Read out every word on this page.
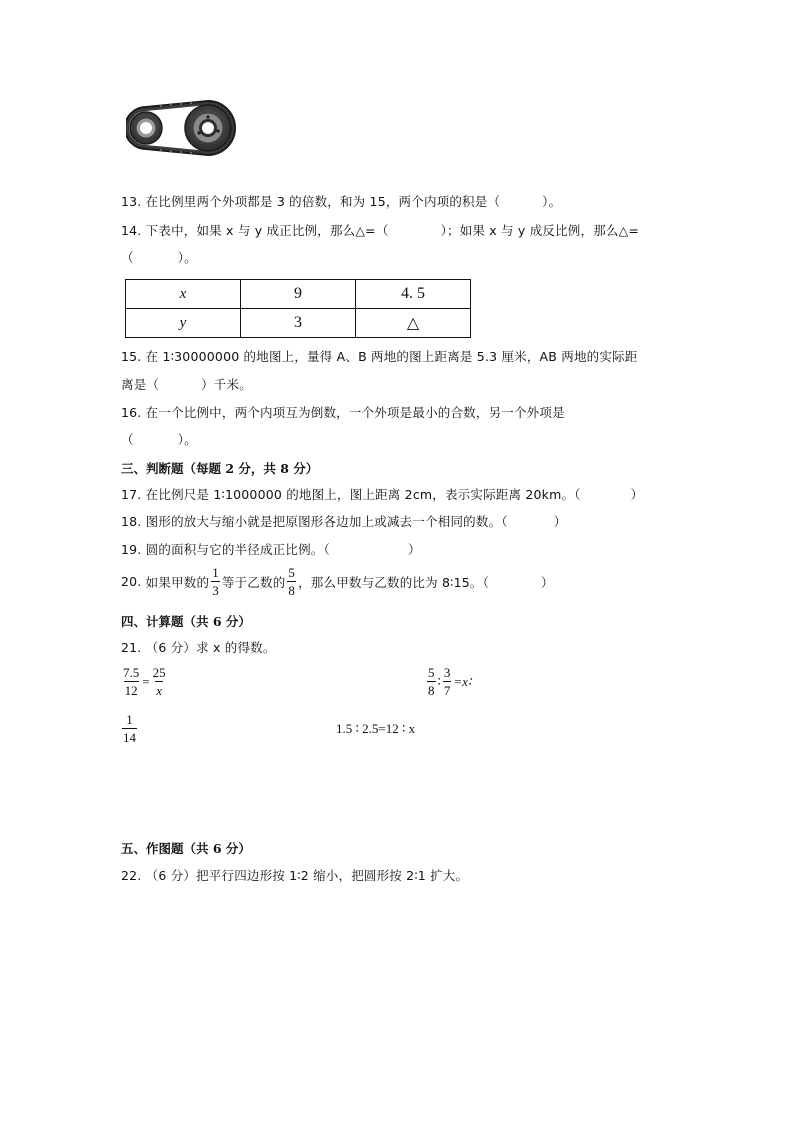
13. 在比例里两个外项都是 3 的倍数，和为 15，两个内项的积是（	）。
14. 下表中，如果 x 与 y 成正比例，那么△=（	）；如果 x 与 y 成反比例，那么△=
（	）。
x	9	4. 5
y	3	△
15. 在 1∶30000000 的地图上，量得 A、B 两地的图上距离是 5.3 厘米，AB 两地的实际距
离是（	）千米。
16. 在一个比例中，两个内项互为倒数，一个外项是最小的合数，另一个外项是
（	）。
三、判断题（每题 2 分，共 8 分）
17. 在比例尺是 1∶1000000 的地图上，图上距离 2cm，表示实际距离 20km。（	）
18. 图形的放大与缩小就是把原图形各边加上或减去一个相同的数。（	）
19. 圆的面积与它的半径成正比例。（	）
20.
如果甲数的 $\frac{1}{3}$ 等于乙数的 $\frac{5}{8}$ ，那么甲数与乙数的比为 8∶15。（	）
四、计算题（共 6 分）
21. （6 分）求 x 的得数。
$\frac{7.5}{12} = \frac{25}{x}$	$\frac{5}{8}$ ∶ $\frac{3}{7}$ =x∶
$\frac{1}{14}$	1.5 ∶ 2.5=12 ∶ x
五、作图题（共 6 分）
22. （6 分）把平行四边形按 1∶2 缩小，把圆形按 2∶1 扩大。
